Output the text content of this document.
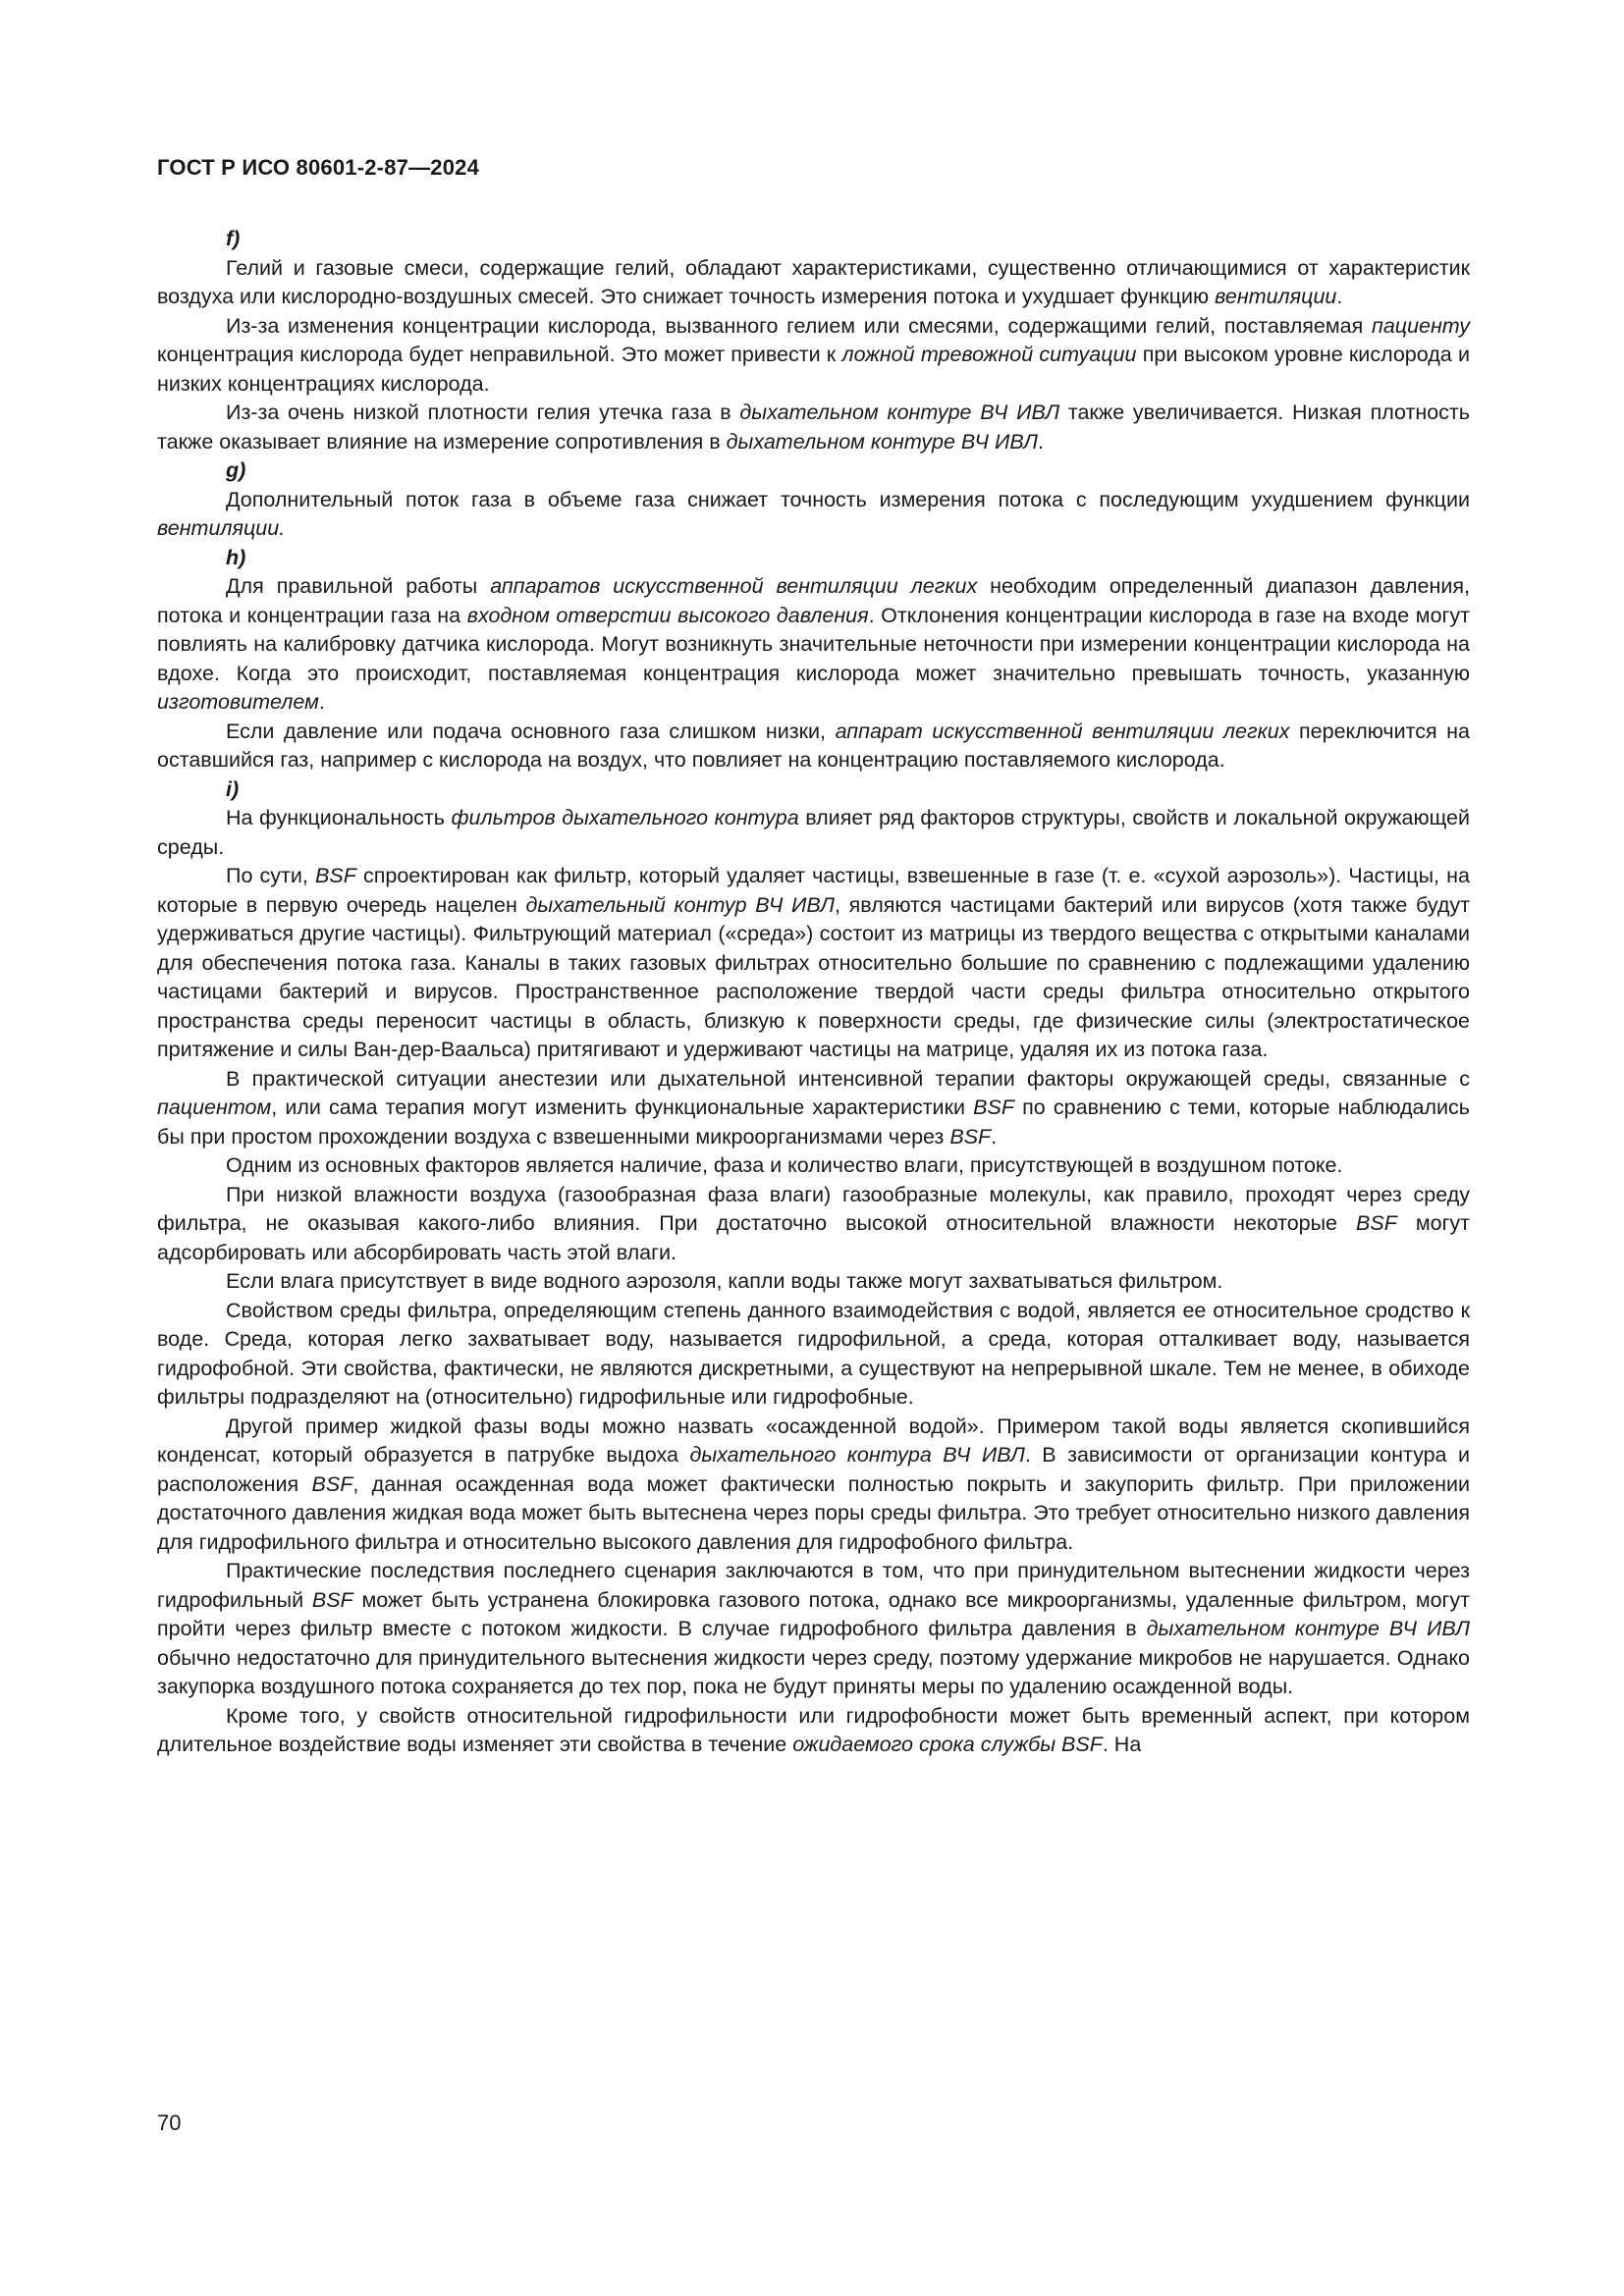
ГОСТ Р ИСО 80601-2-87—2024

f)

Гелий и газовые смеси, содержащие гелий, обладают характеристиками, существенно отличающимися от характеристик воздуха или кислородно-воздушных смесей. Это снижает точность измерения потока и ухудшает функцию вентиляции.

Из-за изменения концентрации кислорода, вызванного гелием или смесями, содержащими гелий, поставляемая пациенту концентрация кислорода будет неправильной. Это может привести к ложной тревожной ситуации при высоком уровне кислорода и низких концентрациях кислорода.

Из-за очень низкой плотности гелия утечка газа в дыхательном контуре ВЧ ИВЛ также увеличивается. Низкая плотность также оказывает влияние на измерение сопротивления в дыхательном контуре ВЧ ИВЛ.

g)

Дополнительный поток газа в объеме газа снижает точность измерения потока с последующим ухудшением функции вентиляции.

h)

Для правильной работы аппаратов искусственной вентиляции легких необходим определенный диапазон давления, потока и концентрации газа на входном отверстии высокого давления. Отклонения концентрации кислорода в газе на входе могут повлиять на калибровку датчика кислорода. Могут возникнуть значительные неточности при измерении концентрации кислорода на вдохе. Когда это происходит, поставляемая концентрация кислорода может значительно превышать точность, указанную изготовителем.

Если давление или подача основного газа слишком низки, аппарат искусственной вентиляции легких переключится на оставшийся газ, например с кислорода на воздух, что повлияет на концентрацию поставляемого кислорода.

i)

На функциональность фильтров дыхательного контура влияет ряд факторов структуры, свойств и локальной окружающей среды.

По сути, BSF спроектирован как фильтр, который удаляет частицы, взвешенные в газе (т. е. «сухой аэрозоль»). Частицы, на которые в первую очередь нацелен дыхательный контур ВЧ ИВЛ, являются частицами бактерий или вирусов (хотя также будут удерживаться другие частицы). Фильтрующий материал («среда») состоит из матрицы из твердого вещества с открытыми каналами для обеспечения потока газа. Каналы в таких газовых фильтрах относительно большие по сравнению с подлежащими удалению частицами бактерий и вирусов. Пространственное расположение твердой части среды фильтра относительно открытого пространства среды переносит частицы в область, близкую к поверхности среды, где физические силы (электростатическое притяжение и силы Ван-дер-Ваальса) притягивают и удерживают частицы на матрице, удаляя их из потока газа.

В практической ситуации анестезии или дыхательной интенсивной терапии факторы окружающей среды, связанные с пациентом, или сама терапия могут изменить функциональные характеристики BSF по сравнению с теми, которые наблюдались бы при простом прохождении воздуха с взвешенными микроорганизмами через BSF.

Одним из основных факторов является наличие, фаза и количество влаги, присутствующей в воздушном потоке.

При низкой влажности воздуха (газообразная фаза влаги) газообразные молекулы, как правило, проходят через среду фильтра, не оказывая какого-либо влияния. При достаточно высокой относительной влажности некоторые BSF могут адсорбировать или абсорбировать часть этой влаги.

Если влага присутствует в виде водного аэрозоля, капли воды также могут захватываться фильтром.

Свойством среды фильтра, определяющим степень данного взаимодействия с водой, является ее относительное сродство к воде. Среда, которая легко захватывает воду, называется гидрофильной, а среда, которая отталкивает воду, называется гидрофобной. Эти свойства, фактически, не являются дискретными, а существуют на непрерывной шкале. Тем не менее, в обиходе фильтры подразделяют на (относительно) гидрофильные или гидрофобные.

Другой пример жидкой фазы воды можно назвать «осажденной водой». Примером такой воды является скопившийся конденсат, который образуется в патрубке выдоха дыхательного контура ВЧ ИВЛ. В зависимости от организации контура и расположения BSF, данная осажденная вода может фактически полностью покрыть и закупорить фильтр. При приложении достаточного давления жидкая вода может быть вытеснена через поры среды фильтра. Это требует относительно низкого давления для гидрофильного фильтра и относительно высокого давления для гидрофобного фильтра.

Практические последствия последнего сценария заключаются в том, что при принудительном вытеснении жидкости через гидрофильный BSF может быть устранена блокировка газового потока, однако все микроорганизмы, удаленные фильтром, могут пройти через фильтр вместе с потоком жидкости. В случае гидрофобного фильтра давления в дыхательном контуре ВЧ ИВЛ обычно недостаточно для принудительного вытеснения жидкости через среду, поэтому удержание микробов не нарушается. Однако закупорка воздушного потока сохраняется до тех пор, пока не будут приняты меры по удалению осажденной воды.

Кроме того, у свойств относительной гидрофильности или гидрофобности может быть временный аспект, при котором длительное воздействие воды изменяет эти свойства в течение ожидаемого срока службы BSF. На

70
